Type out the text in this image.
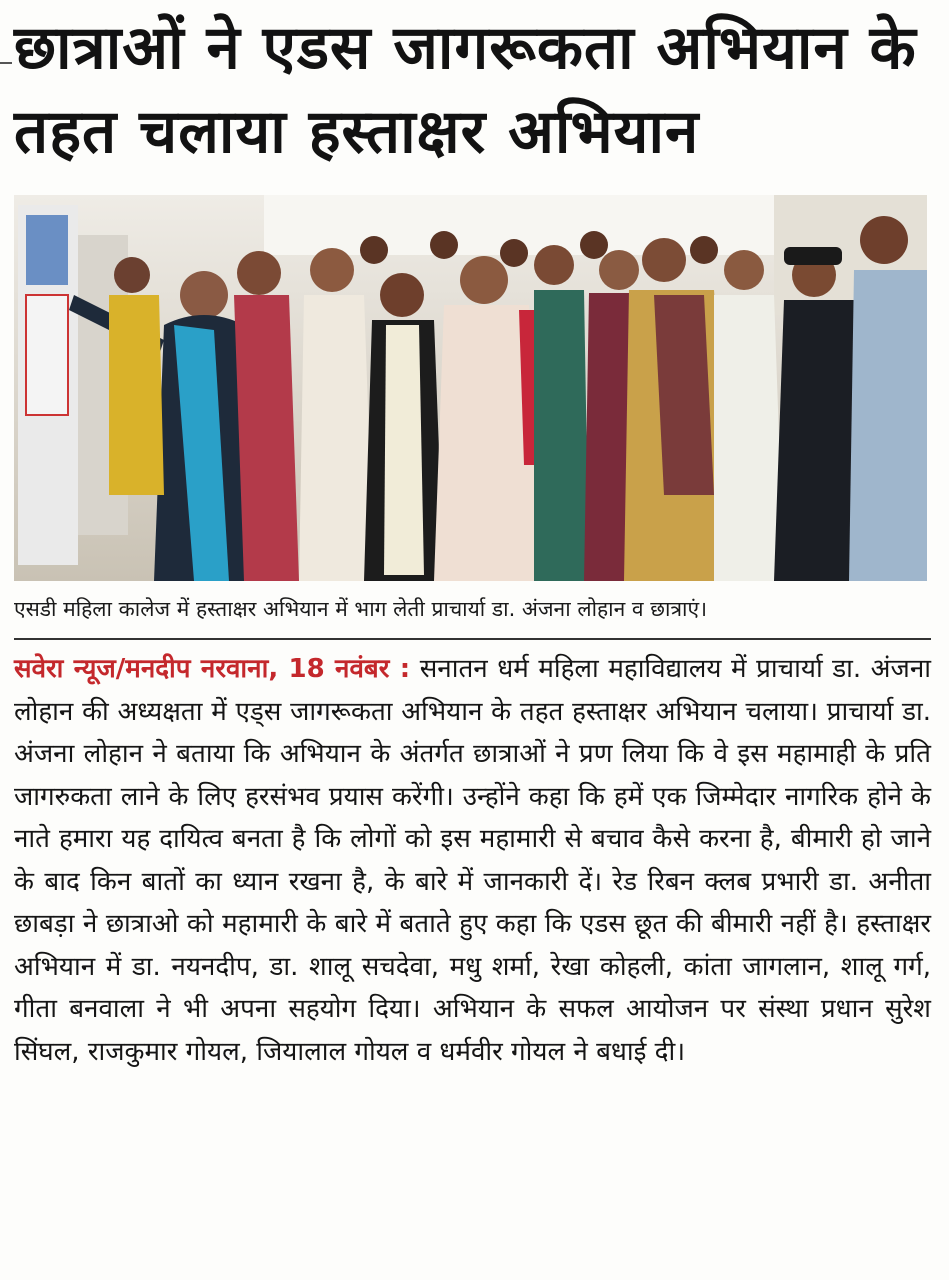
छात्राओं ने एडस जागरूकता अभियान के तहत चलाया हस्ताक्षर अभियान

एसडी महिला कालेज में हस्ताक्षर अभियान में भाग लेती प्राचार्या डा. अंजना लोहान व छात्राएं।

सवेरा न्यूज/मनदीप नरवाना, 18 नवंबर : सनातन धर्म महिला महाविद्यालय में प्राचार्या डा. अंजना लोहान की अध्यक्षता में एड्स जागरूकता अभियान के तहत हस्ताक्षर अभियान चलाया। प्राचार्या डा. अंजना लोहान ने बताया कि अभियान के अंतर्गत छात्राओं ने प्रण लिया कि वे इस महामाही के प्रति जागरुकता लाने के लिए हरसंभव प्रयास करेंगी। उन्होंने कहा कि हमें एक जिम्मेदार नागरिक होने के नाते हमारा यह दायित्व बनता है कि लोगों को इस महामारी से बचाव कैसे करना है, बीमारी हो जाने के बाद किन बातों का ध्यान रखना है, के बारे में जानकारी दें। रेड रिबन क्लब प्रभारी डा. अनीता छाबड़ा ने छात्राओ को महामारी के बारे में बताते हुए कहा कि एडस छूत की बीमारी नहीं है। हस्ताक्षर अभियान में डा. नयनदीप, डा. शालू सचदेवा, मधु शर्मा, रेखा कोहली, कांता जागलान, शालू गर्ग, गीता बनवाला ने भी अपना सहयोग दिया। अभियान के सफल आयोजन पर संस्था प्रधान सुरेश सिंघल, राजकुमार गोयल, जियालाल गोयल व धर्मवीर गोयल ने बधाई दी।
